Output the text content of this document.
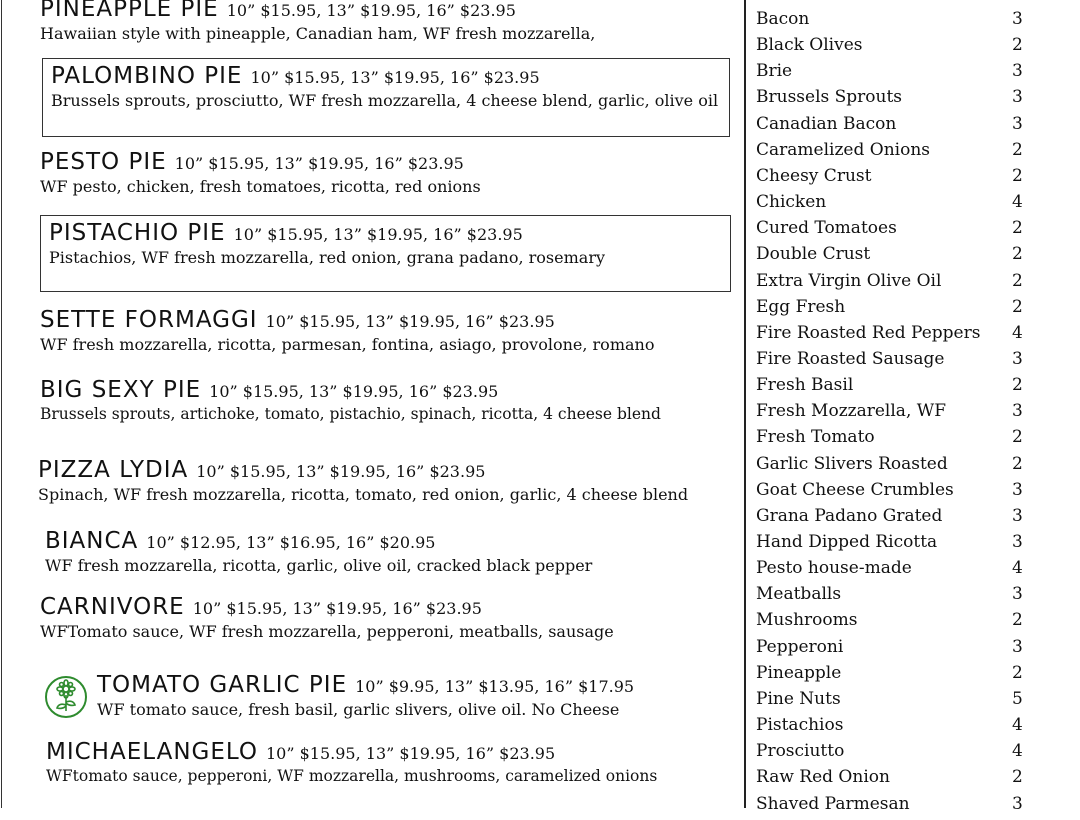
PINEAPPLE PIE 10” $15.95, 13” $19.95, 16” $23.95
Hawaiian style with pineapple, Canadian ham, WF fresh mozzarella,
PALOMBINO PIE 10” $15.95, 13” $19.95, 16” $23.95
Brussels sprouts, prosciutto, WF fresh mozzarella, 4 cheese blend, garlic, olive oil
PESTO PIE 10” $15.95, 13” $19.95, 16” $23.95
WF pesto, chicken, fresh tomatoes, ricotta, red onions
PISTACHIO PIE 10” $15.95, 13” $19.95, 16” $23.95
Pistachios, WF fresh mozzarella, red onion, grana padano, rosemary
SETTE FORMAGGI 10” $15.95, 13” $19.95, 16” $23.95
WF fresh mozzarella, ricotta, parmesan, fontina, asiago, provolone, romano
BIG SEXY PIE 10” $15.95, 13” $19.95, 16” $23.95
Brussels sprouts, artichoke, tomato, pistachio, spinach, ricotta, 4 cheese blend
PIZZA LYDIA 10” $15.95, 13” $19.95, 16” $23.95
Spinach, WF fresh mozzarella, ricotta, tomato, red onion, garlic, 4 cheese blend
BIANCA 10” $12.95, 13” $16.95, 16” $20.95
WF fresh mozzarella, ricotta, garlic, olive oil, cracked black pepper
CARNIVORE 10” $15.95, 13” $19.95, 16” $23.95
WFTomato sauce, WF fresh mozzarella, pepperoni, meatballs, sausage
TOMATO GARLIC PIE 10” $9.95, 13” $13.95, 16” $17.95
WF tomato sauce, fresh basil, garlic slivers, olive oil. No Cheese
MICHAELANGELO 10” $15.95, 13” $19.95, 16” $23.95
WFtomato sauce, pepperoni, WF mozzarella, mushrooms, caramelized onions
Bacon	3
Black Olives	2
Brie	3
Brussels Sprouts	3
Canadian Bacon	3
Caramelized Onions	2
Cheesy Crust	2
Chicken	4
Cured Tomatoes	2
Double Crust	2
Extra Virgin Olive Oil	2
Egg Fresh	2
Fire Roasted Red Peppers 4
Fire Roasted Sausage	3
Fresh Basil	2
Fresh Mozzarella, WF	3
Fresh Tomato	2
Garlic Slivers Roasted	2
Goat Cheese Crumbles	3
Grana Padano Grated	3
Hand Dipped Ricotta	3
Pesto house-made	4
Meatballs	3
Mushrooms	2
Pepperoni	3
Pineapple	2
Pine Nuts	5
Pistachios	4
Prosciutto	4
Raw Red Onion	2
Shaved Parmesan	3
